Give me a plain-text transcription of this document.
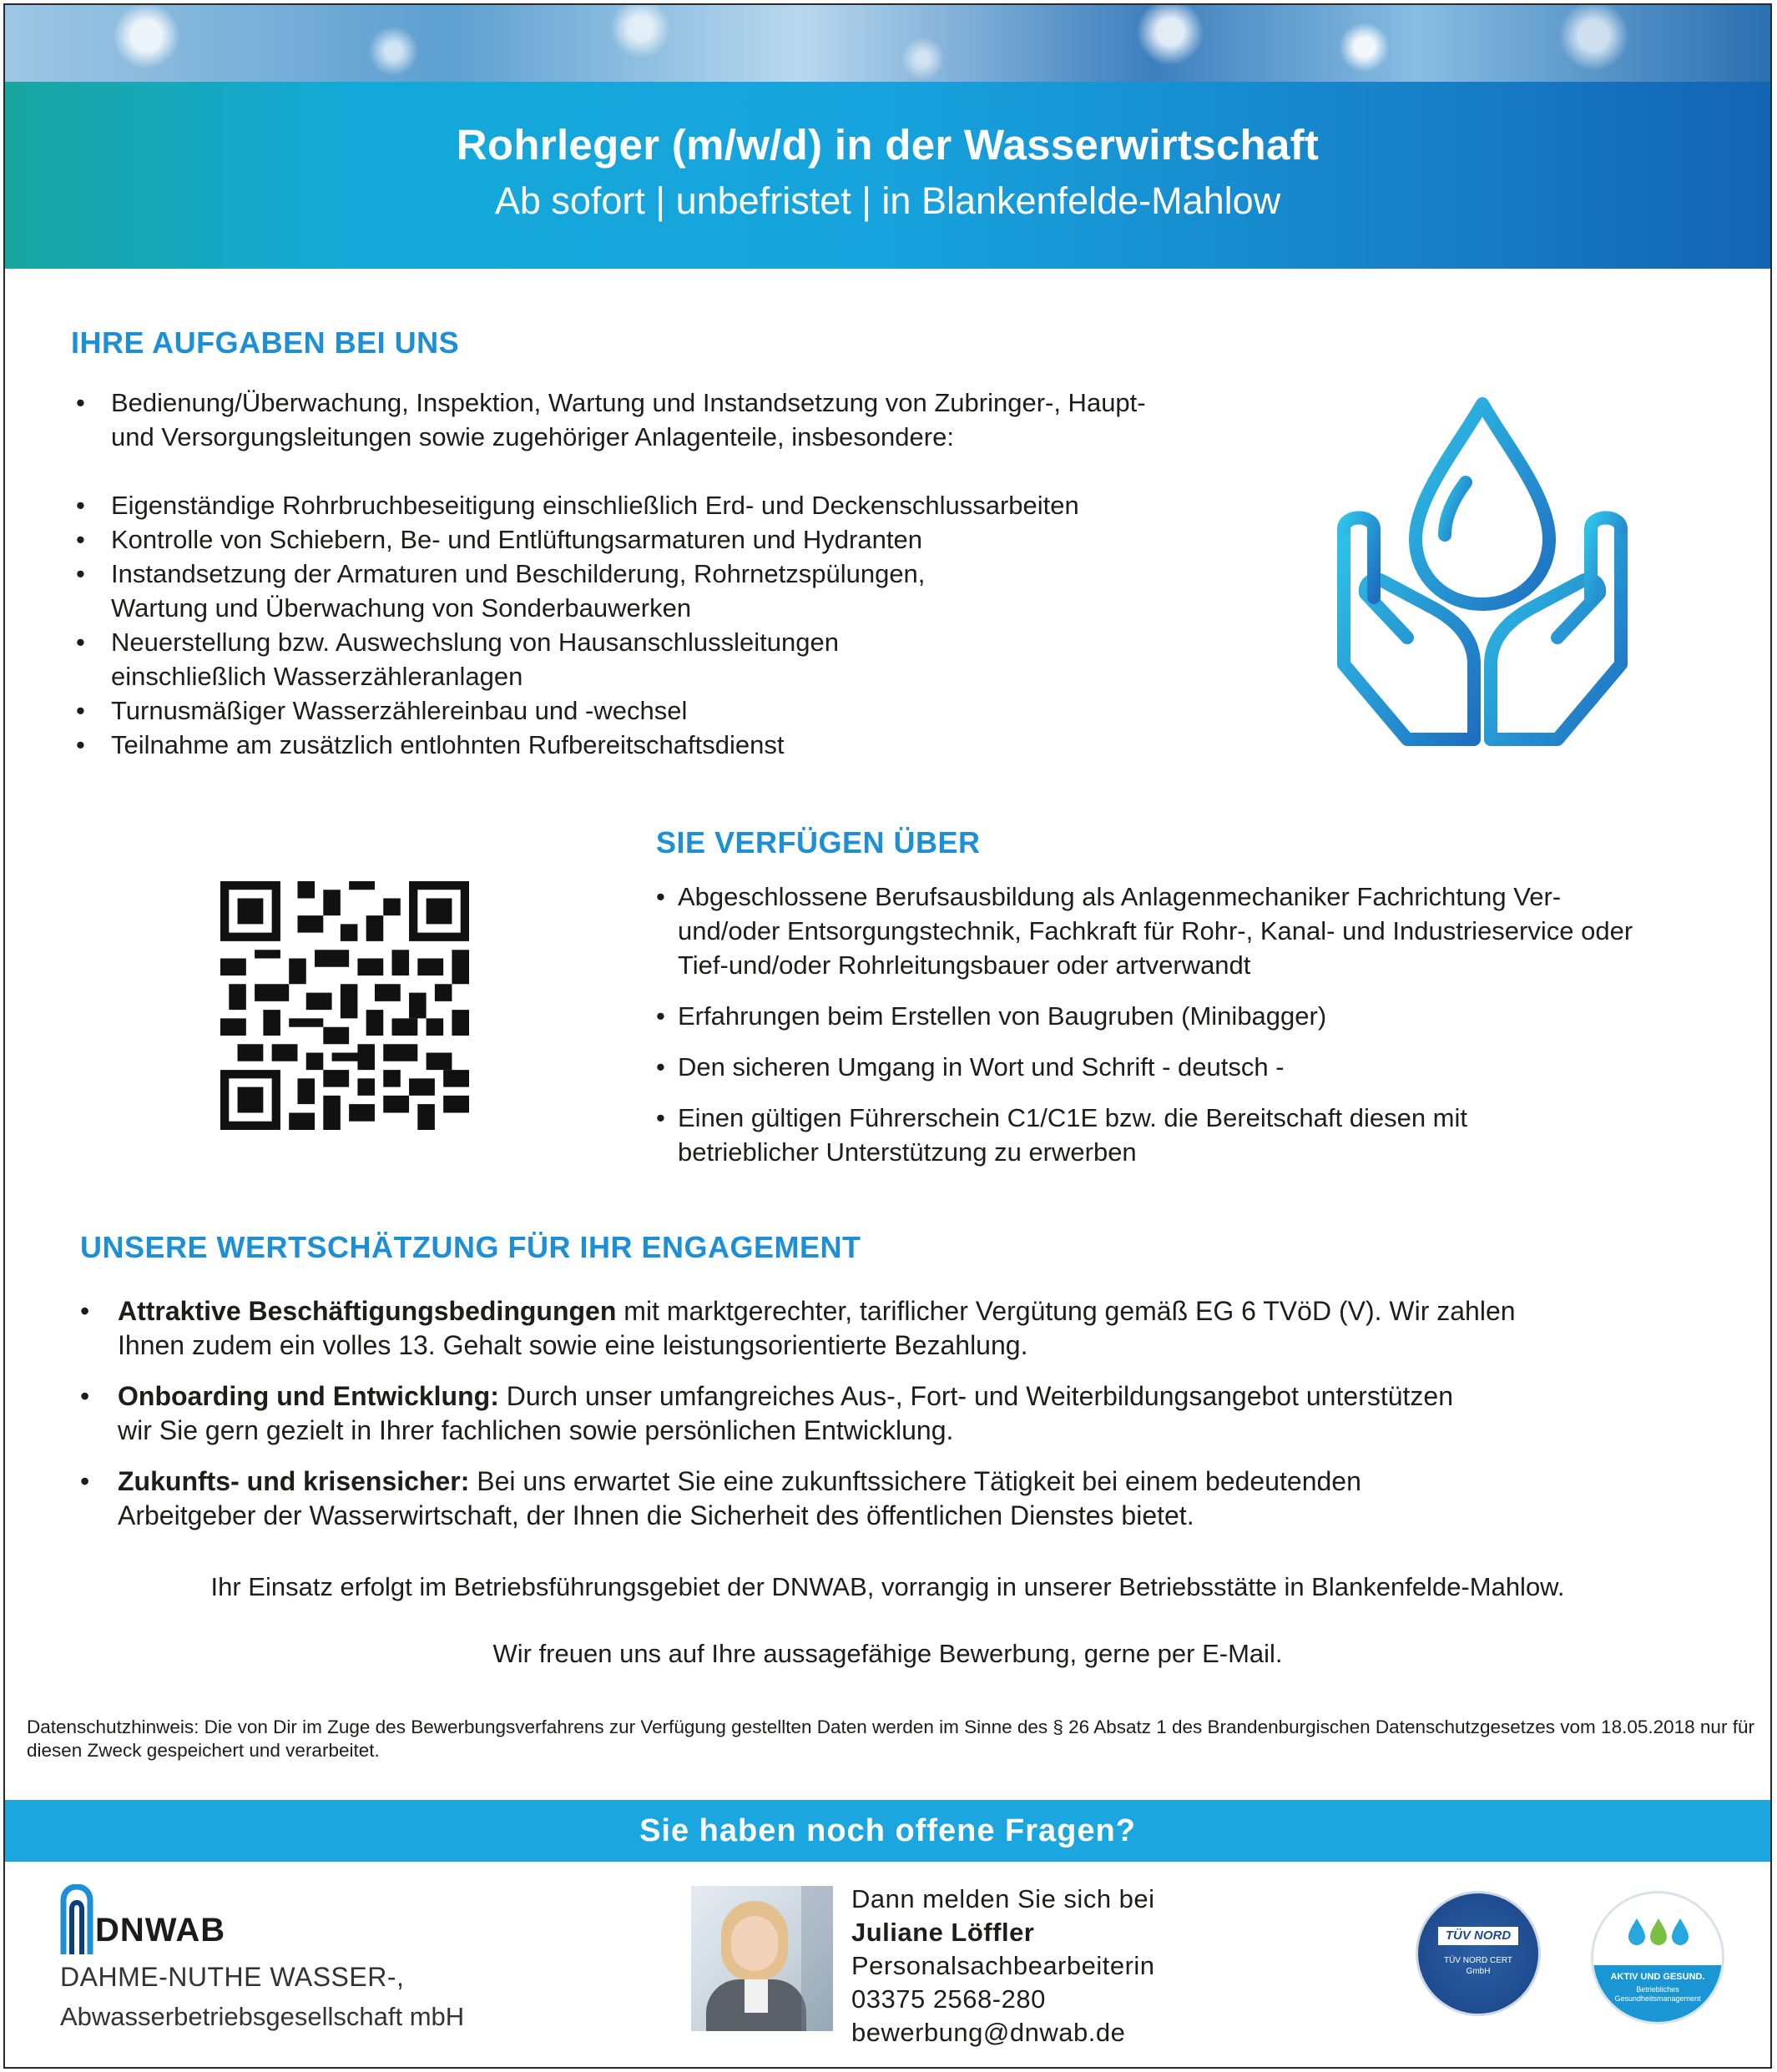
Rohrleger (m/w/d) in der Wasserwirtschaft
Ab sofort | unbefristet | in Blankenfelde-Mahlow
IHRE AUFGABEN BEI UNS
• Bedienung/Überwachung, Inspektion, Wartung und Instandsetzung von Zubringer-, Haupt- und Versorgungsleitungen sowie zugehöriger Anlagenteile, insbesondere:
• Eigenständige Rohrbruchbeseitigung einschließlich Erd- und Deckenschlussarbeiten
• Kontrolle von Schiebern, Be- und Entlüftungsarmaturen und Hydranten
• Instandsetzung der Armaturen und Beschilderung, Rohrnetzspülungen, Wartung und Überwachung von Sonderbauwerken
• Neuerstellung bzw. Auswechslung von Hausanschlussleitungen einschließlich Wasserzähleranlagen
• Turnusmäßiger Wasserzählereinbau und -wechsel
• Teilnahme am zusätzlich entlohnten Rufbereitschaftsdienst
SIE VERFÜGEN ÜBER
• Abgeschlossene Berufsausbildung als Anlagenmechaniker Fachrichtung Ver- und/oder Entsorgungstechnik, Fachkraft für Rohr-, Kanal- und Industrieservice oder Tief-und/oder Rohrleitungsbauer oder artverwandt
• Erfahrungen beim Erstellen von Baugruben (Minibagger)
• Den sicheren Umgang in Wort und Schrift - deutsch -
• Einen gültigen Führerschein C1/C1E bzw. die Bereitschaft diesen mit betrieblicher Unterstützung zu erwerben
UNSERE WERTSCHÄTZUNG FÜR IHR ENGAGEMENT
• Attraktive Beschäftigungsbedingungen mit marktgerechter, tariflicher Vergütung gemäß EG 6 TVöD (V). Wir zahlen Ihnen zudem ein volles 13. Gehalt sowie eine leistungsorientierte Bezahlung.
• Onboarding und Entwicklung: Durch unser umfangreiches Aus-, Fort- und Weiterbildungsangebot unterstützen wir Sie gern gezielt in Ihrer fachlichen sowie persönlichen Entwicklung.
• Zukunfts- und krisensicher: Bei uns erwartet Sie eine zukunftssichere Tätigkeit bei einem bedeutenden Arbeitgeber der Wasserwirtschaft, der Ihnen die Sicherheit des öffentlichen Dienstes bietet.
Ihr Einsatz erfolgt im Betriebsführungsgebiet der DNWAB, vorrangig in unserer Betriebsstätte in Blankenfelde-Mahlow.
Wir freuen uns auf Ihre aussagefähige Bewerbung, gerne per E-Mail.
Datenschutzhinweis: Die von Dir im Zuge des Bewerbungsverfahrens zur Verfügung gestellten Daten werden im Sinne des § 26 Absatz 1 des Brandenburgischen Datenschutzgesetzes vom 18.05.2018 nur für diesen Zweck gespeichert und verarbeitet.
Sie haben noch offene Fragen?
DNWAB
DAHME-NUTHE WASSER-,
Abwasserbetriebsgesellschaft mbH
Dann melden Sie sich bei
Juliane Löffler
Personalsachbearbeiterin
03375 2568-280
bewerbung@dnwab.de
TÜV NORD
TÜV NORD CERT GmbH
AKTIV UND GESUND.
Betriebliches Gesundheitsmanagement
